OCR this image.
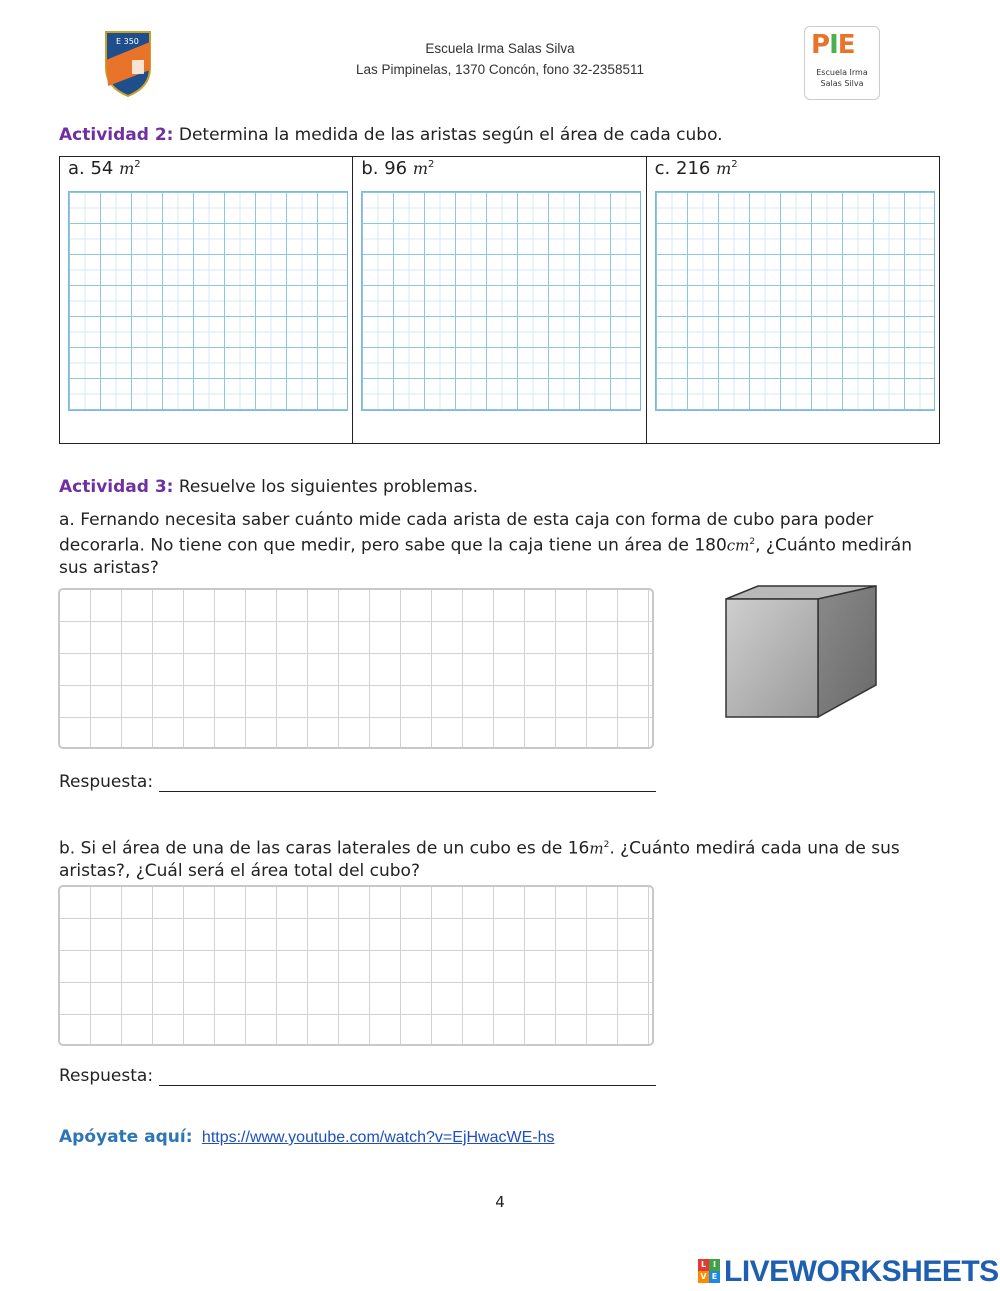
E 350	Escuela Irma Salas Silva
Las Pimpinelas, 1370 Concón, fono 32-2358511
PIE
Escuela Irma Salas Silva
Actividad 2: Determina la medida de las aristas según el área de cada cubo.
a. 54 $m^2$	b. 96 $m^2$	c. 216 $m^2$
Actividad 3: Resuelve los siguientes problemas.
a. Fernando necesita saber cuánto mide cada arista de esta caja con forma de cubo para poder decorarla. No tiene con que medir, pero sabe que la caja tiene un área de $180cm^2$, ¿Cuánto medirán sus aristas?
Respuesta:
b. Si el área de una de las caras laterales de un cubo es de $16m^2$. ¿Cuánto medirá cada una de sus aristas?, ¿Cuál será el área total del cubo?
Respuesta:
Apóyate aquí: https://www.youtube.com/watch?v=EjHwacWE-hs
4
L I
V E LIVEWORKSHEETS
